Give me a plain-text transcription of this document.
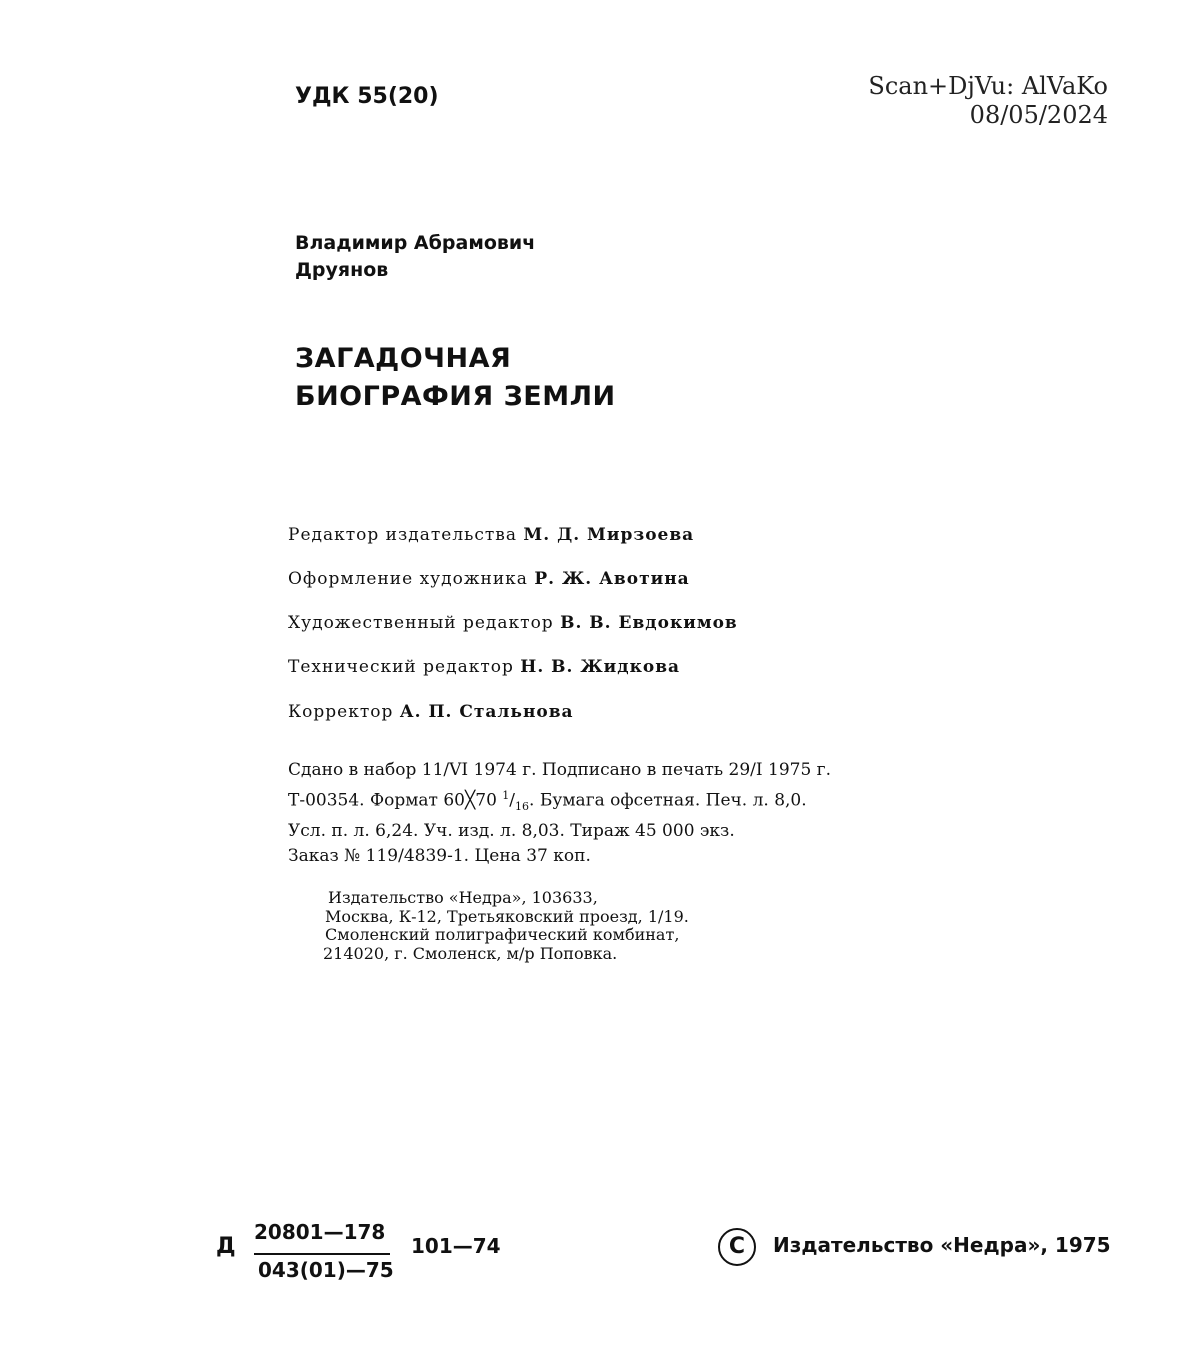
УДК 55(20)	Scan+DjVu: AlVaKo
08/05/2024
Владимир Абрамович
Друянов
ЗАГАДОЧНАЯ
БИОГРАФИЯ ЗЕМЛИ
Редактор издательства М. Д. Мирзоева
Оформление художника Р. Ж. Авотина
Художественный редактор В. В. Евдокимов
Технический редактор Н. В. Жидкова
Корректор А. П. Стальнова
Сдано в набор 11/VI 1974 г. Подписано в печать 29/I 1975 г.
Т-00354. Формат 60╳70 $^1/_{16}$. Бумага офсетная. Печ. л. 8,0.
Усл. п. л. 6,24. Уч. изд. л. 8,03. Тираж 45 000 экз.
Заказ № 119/4839-1. Цена 37 коп.
Издательство «Недра», 103633,
Москва, К-12, Третьяковский проезд, 1/19.
Смоленский полиграфический комбинат,
214020, г. Смоленск, м/р Поповка.
Д
20801—178
043(01)—75
101—74	С	Издательство «Недра», 1975
